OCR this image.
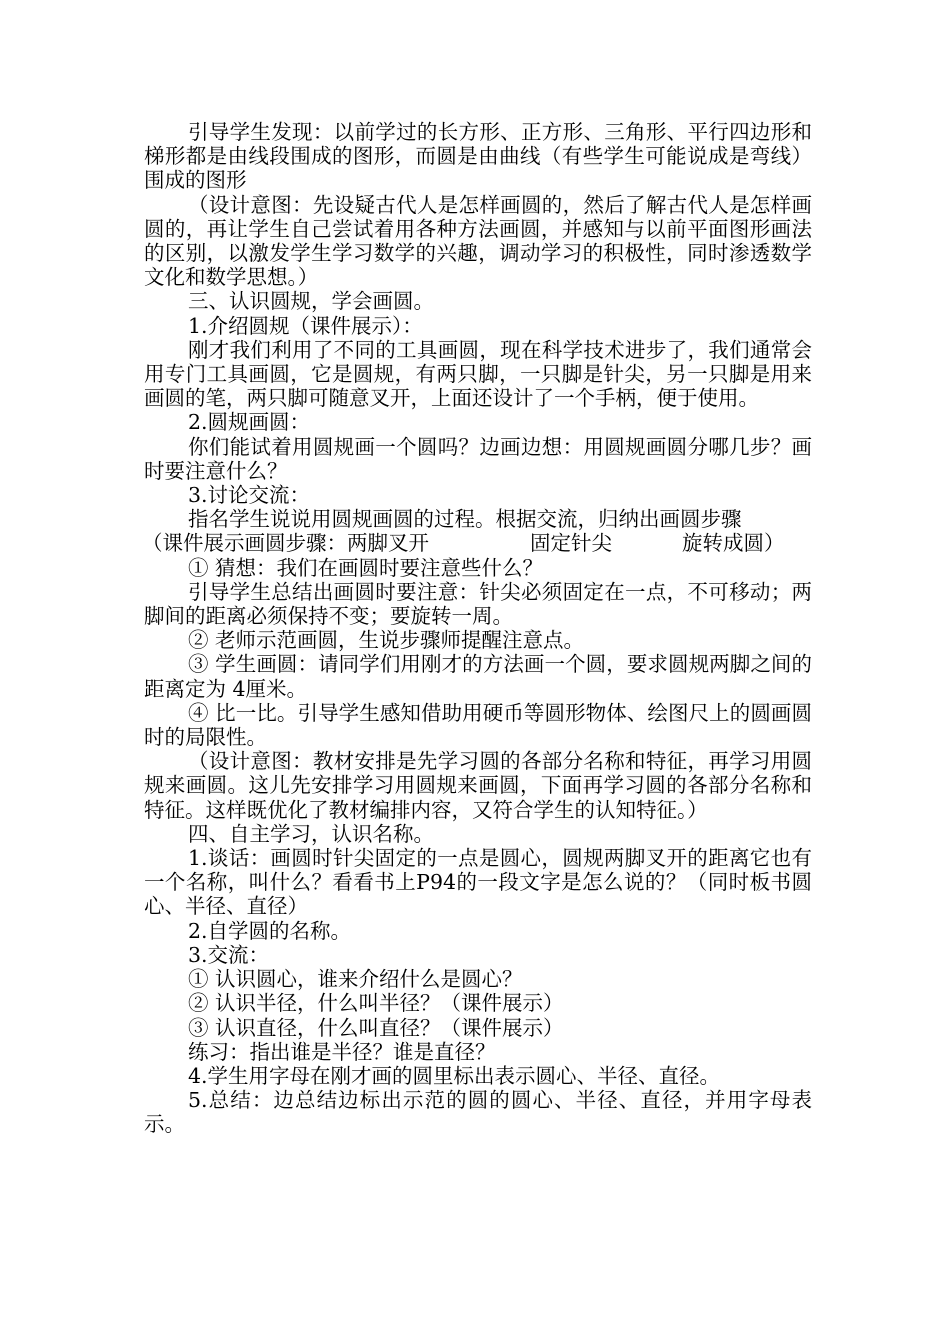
引导学生发现：以前学过的长方形、正方形、三角形、平行四边形和梯形都是由线段围成的图形，而圆是由曲线（有些学生可能说成是弯线）围成的图形

（设计意图：先设疑古代人是怎样画圆的，然后了解古代人是怎样画圆的，再让学生自己尝试着用各种方法画圆，并感知与以前平面图形画法的区别，以激发学生学习数学的兴趣，调动学习的积极性，同时渗透数学文化和数学思想。）

三、认识圆规，学会画圆。

1.介绍圆规（课件展示）：

刚才我们利用了不同的工具画圆，现在科学技术进步了，我们通常会用专门工具画圆，它是圆规，有两只脚，一只脚是针尖，另一只脚是用来画圆的笔，两只脚可随意叉开，上面还设计了一个手柄，便于使用。

2.圆规画圆：

你们能试着用圆规画一个圆吗？边画边想：用圆规画圆分哪几步？画时要注意什么？

3.讨论交流：

指名学生说说用圆规画圆的过程。根据交流，归纳出画圆步骤

（课件展示画圆步骤：两脚叉开	固定针尖	旋转成圆）

① 猜想：我们在画圆时要注意些什么？

引导学生总结出画圆时要注意：针尖必须固定在一点，不可移动；两脚间的距离必须保持不变；要旋转一周。

② 老师示范画圆，生说步骤师提醒注意点。

③ 学生画圆：请同学们用刚才的方法画一个圆，要求圆规两脚之间的距离定为 4厘米。

④ 比一比。引导学生感知借助用硬币等圆形物体、绘图尺上的圆画圆时的局限性。

（设计意图：教材安排是先学习圆的各部分名称和特征，再学习用圆规来画圆。这儿先安排学习用圆规来画圆，下面再学习圆的各部分名称和特征。这样既优化了教材编排内容，又符合学生的认知特征。）

四、自主学习，认识名称。

1.谈话：画圆时针尖固定的一点是圆心，圆规两脚叉开的距离它也有一个名称，叫什么？看看书上P94的一段文字是怎么说的？（同时板书圆心、半径、直径）

2.自学圆的名称。

3.交流：

① 认识圆心，谁来介绍什么是圆心？

② 认识半径，什么叫半径？（课件展示）

③ 认识直径，什么叫直径？（课件展示）

练习：指出谁是半径？谁是直径？

4.学生用字母在刚才画的圆里标出表示圆心、半径、直径。

5.总结：边总结边标出示范的圆的圆心、半径、直径，并用字母表示。
